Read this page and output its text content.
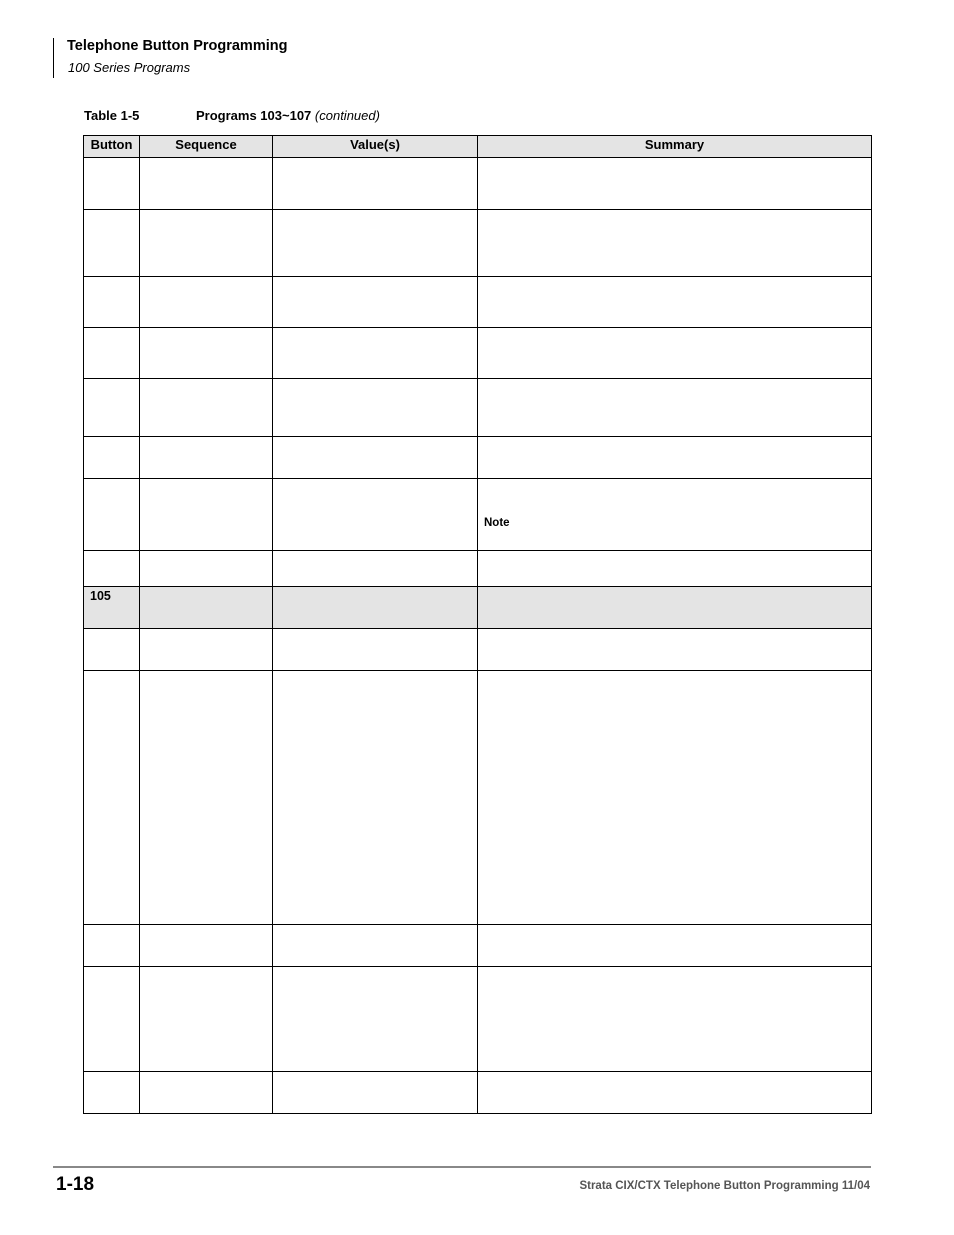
Telephone Button Programming
100 Series Programs
Table 1-5	Programs 103~107 (continued)
Button	Sequence	Value(s)	Summary

			Note

105			

1-18	Strata CIX/CTX Telephone Button Programming 11/04
